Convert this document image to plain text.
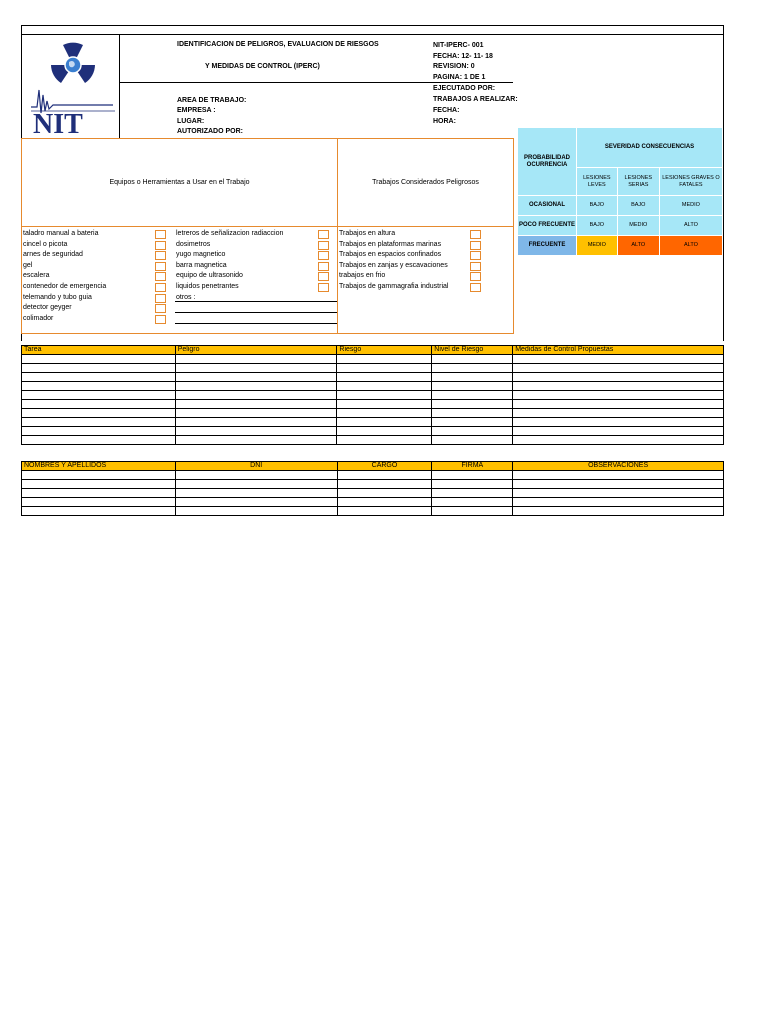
NIT
IDENTIFICACION DE PELIGROS, EVALUACION DE RIESGOS
Y MEDIDAS DE CONTROL (IPERC)
NIT-IPERC- 001
FECHA: 12- 11- 18
REVISION: 0
PAGINA: 1 DE 1
EJECUTADO POR:
TRABAJOS A REALIZAR:
FECHA:
HORA:
AREA DE TRABAJO:
EMPRESA :
LUGAR:
AUTORIZADO POR:
Equipos o Herramientas a Usar en el Trabajo	Trabajos Considerados Peligrosos
taladro manual a bateria
cincel o picota
arnes de seguridad
gel
escalera
contenedor de emergencia
telemando y tubo guia
detector geyger
colimador
letreros de señalizacion radiaccion
dosimetros
yugo magnetico
barra magnetica
equipo de ultrasonido
liquidos penetrantes
otros :
Trabajos en altura
Trabajos en plataformas marinas
Trabajos en espacios confinados
Trabajos en zanjas y escavaciones
trabajos en frio
Trabajos de gammagrafia industrial
PROBABILIDAD OCURRENCIA	SEVERIDAD CONSECUENCIAS		
	LESIONES LEVES	LESIONES SERIAS	LESIONES GRAVES O FATALES
OCASIONAL	BAJO	BAJO	MEDIO
POCO FRECUENTE	BAJO	MEDIO	ALTO
FRECUENTE	MEDIO	ALTO	ALTO
Tarea	Peligro	Riesgo	Nivel de Riesgo	Medidas de Control Propuestas

NOMBRES Y APELLIDOS	DNI	CARGO	FIRMA	OBSERVACIONES
